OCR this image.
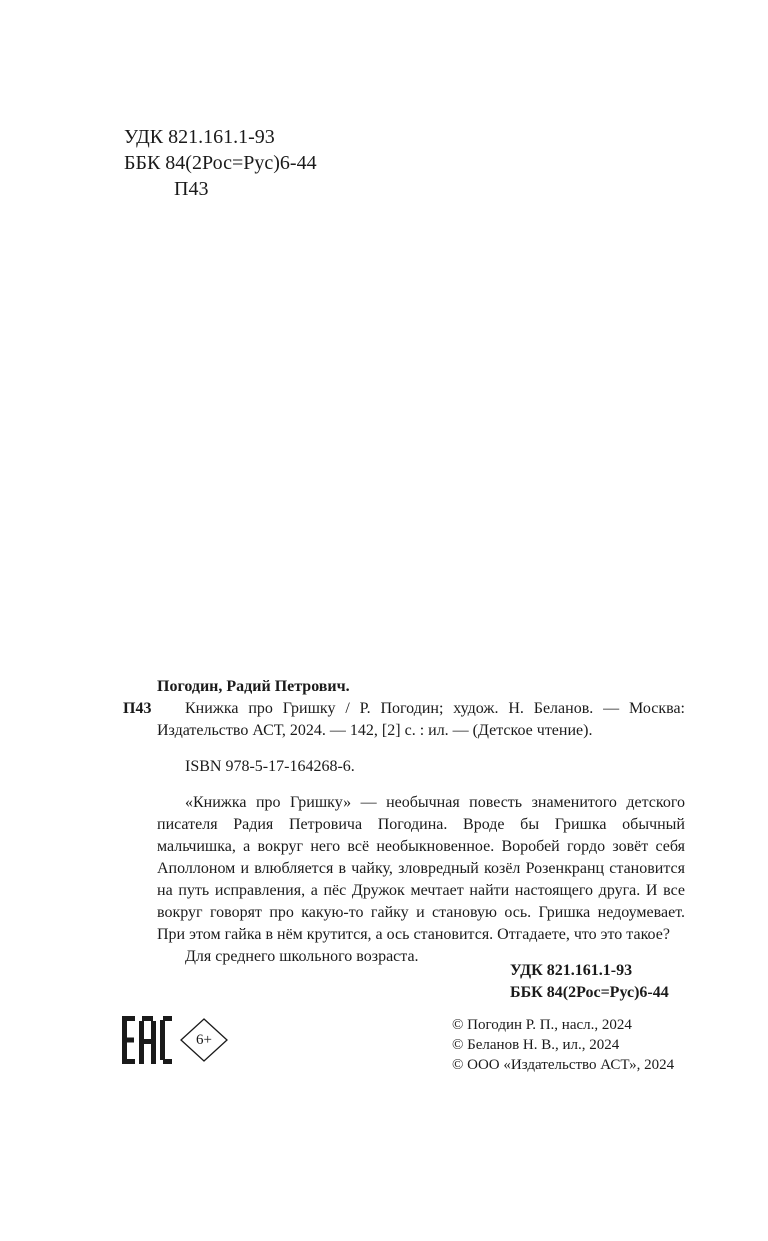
УДК 821.161.1-93
ББК 84(2Рос=Рус)6-44
П43
Погодин, Радий Петрович.
П43	Книжка про Гришку / Р. Погодин; худож. Н. Беланов. — Москва: Издательство АСТ, 2024. — 142, [2] с. : ил. — (Детское чтение).
ISBN 978-5-17-164268-6.

«Книжка про Гришку» — необычная повесть знаменитого детского писателя Радия Петровича Погодина. Вроде бы Гришка обычный мальчишка, а вокруг него всё необыкновенное. Воробей гордо зовёт себя Аполлоном и влюбляется в чайку, зловредный козёл Розенкранц становится на путь исправления, а пёс Дружок мечтает найти настоящего друга. И все вокруг говорят про какую-то гайку и становую ось. Гришка недоумевает. При этом гайка в нём крутится, а ось становится. Отгадаете, что это такое?

Для среднего школьного возраста.
УДК 821.161.1-93
ББК 84(2Рос=Рус)6-44
6+
© Погодин Р. П., насл., 2024
© Беланов Н. В., ил., 2024
© ООО «Издательство АСТ», 2024
